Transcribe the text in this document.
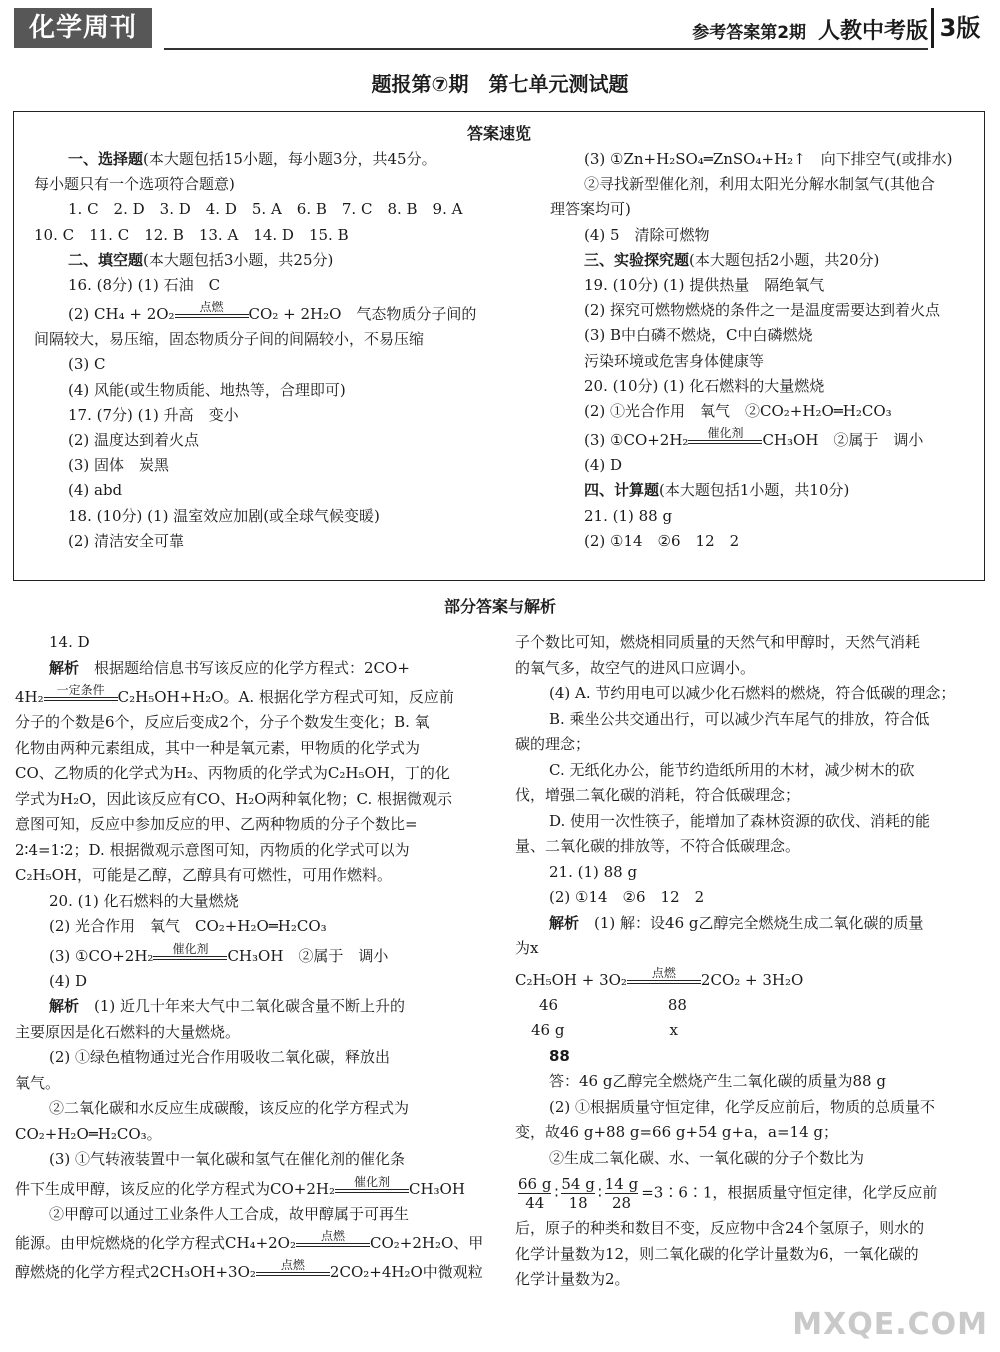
化学周刊	参考答案第2期 人教中考版 3版
题报第⑦期　第七单元测试题
答案速览
一、选择题(本大题包括15小题，每小题3分，共45分。
每小题只有一个选项符合题意)
1. C　2. D　3. D　4. D　5. A　6. B　7. C　8. B　9. A
10. C　11. C　12. B　13. A　14. D　15. B
二、填空题(本大题包括3小题，共25分)
16. (8分) (1) 石油　C
(2) CH₄ + 2O₂	点燃	CO₂ + 2H₂O　气态物质分子间的
间隔较大，易压缩，固态物质分子间的间隔较小，不易压缩
(3) C
(4) 风能(或生物质能、地热等，合理即可)
17. (7分) (1) 升高　变小
(2) 温度达到着火点
(3) 固体　炭黑
(4) abd
18. (10分) (1) 温室效应加剧(或全球气候变暖)
(2) 清洁安全可靠
(3) ①Zn+H₂SO₄═ZnSO₄+H₂↑　向下排空气(或排水)
②寻找新型催化剂，利用太阳光分解水制氢气(其他合
理答案均可)
(4) 5　清除可燃物
三、实验探究题(本大题包括2小题，共20分)
19. (10分) (1) 提供热量　隔绝氧气
(2) 探究可燃物燃烧的条件之一是温度需要达到着火点
(3) B中白磷不燃烧，C中白磷燃烧
污染环境或危害身体健康等
20. (10分) (1) 化石燃料的大量燃烧
(2) ①光合作用　氧气　②CO₂+H₂O═H₂CO₃
(3) ①CO+2H₂	催化剂	CH₃OH　②属于　调小
(4) D
四、计算题(本大题包括1小题，共10分)
21. (1) 88 g
(2) ①14　②6　12　2
部分答案与解析
14. D
解析　根据题给信息书写该反应的化学方程式：2CO+
4H₂	一定条件 C₂H₅OH+H₂O。A. 根据化学方程式可知，反应前
分子的个数是6个，反应后变成2个，分子个数发生变化；B. 氧
化物由两种元素组成，其中一种是氧元素，甲物质的化学式为
CO、乙物质的化学式为H₂、丙物质的化学式为C₂H₅OH，丁的化
学式为H₂O，因此该反应有CO、H₂O两种氧化物；C. 根据微观示
意图可知，反应中参加反应的甲、乙两种物质的分子个数比=
2∶4=1∶2；D. 根据微观示意图可知，丙物质的化学式可以为
C₂H₅OH，可能是乙醇，乙醇具有可燃性，可用作燃料。
20. (1) 化石燃料的大量燃烧
(2) 光合作用　氧气　CO₂+H₂O═H₂CO₃
(3) ①CO+2H₂	催化剂	CH₃OH　②属于　调小
(4) D
解析　(1) 近几十年来大气中二氧化碳含量不断上升的
主要原因是化石燃料的大量燃烧。
(2) ①绿色植物通过光合作用吸收二氧化碳，释放出
氧气。
②二氧化碳和水反应生成碳酸，该反应的化学方程式为
CO₂+H₂O═H₂CO₃。
(3) ①气转液装置中一氧化碳和氢气在催化剂的催化条
件下生成甲醇，该反应的化学方程式为CO+2H₂	催化剂	CH₃OH
②甲醇可以通过工业条件人工合成，故甲醇属于可再生
能源。由甲烷燃烧的化学方程式CH₄+2O₂	点燃	CO₂+2H₂O、甲
醇燃烧的化学方程式2CH₃OH+3O₂	点燃	2CO₂+4H₂O中微观粒
子个数比可知，燃烧相同质量的天然气和甲醇时，天然气消耗
的氧气多，故空气的进风口应调小。
(4) A. 节约用电可以减少化石燃料的燃烧，符合低碳的理念；
B. 乘坐公共交通出行，可以减少汽车尾气的排放，符合低
碳的理念；
C. 无纸化办公，能节约造纸所用的木材，减少树木的砍
伐，增强二氧化碳的消耗，符合低碳理念；
D. 使用一次性筷子，能增加了森林资源的砍伐、消耗的能
量、二氧化碳的排放等，不符合低碳理念。
21. (1) 88 g
(2) ①14　②6　12　2
解析　(1) 解：设46 g乙醇完全燃烧生成二氧化碳的质量
为x
C₂H₅OH + 3O₂	点燃	2CO₂ + 3H₂O
46　　　　　　　 88
46 g　　　　　　　x
88
答：46 g乙醇完全燃烧产生二氧化碳的质量为88 g
(2) ①根据质量守恒定律，化学反应前后，物质的总质量不
变，故46 g+88 g=66 g+54 g+a，a=14 g；
②生成二氧化碳、水、一氧化碳的分子个数比为
$\frac{66 g}{44}$ ∶ $\frac{54 g}{18}$ ∶ $\frac{14 g}{28}$ =3∶6∶1，根据质量守恒定律，化学反应前
后，原子的种类和数目不变，反应物中含24个氢原子，则水的
化学计量数为12，则二氧化碳的化学计量数为6，一氧化碳的
化学计量数为2。
MXQE.COM
